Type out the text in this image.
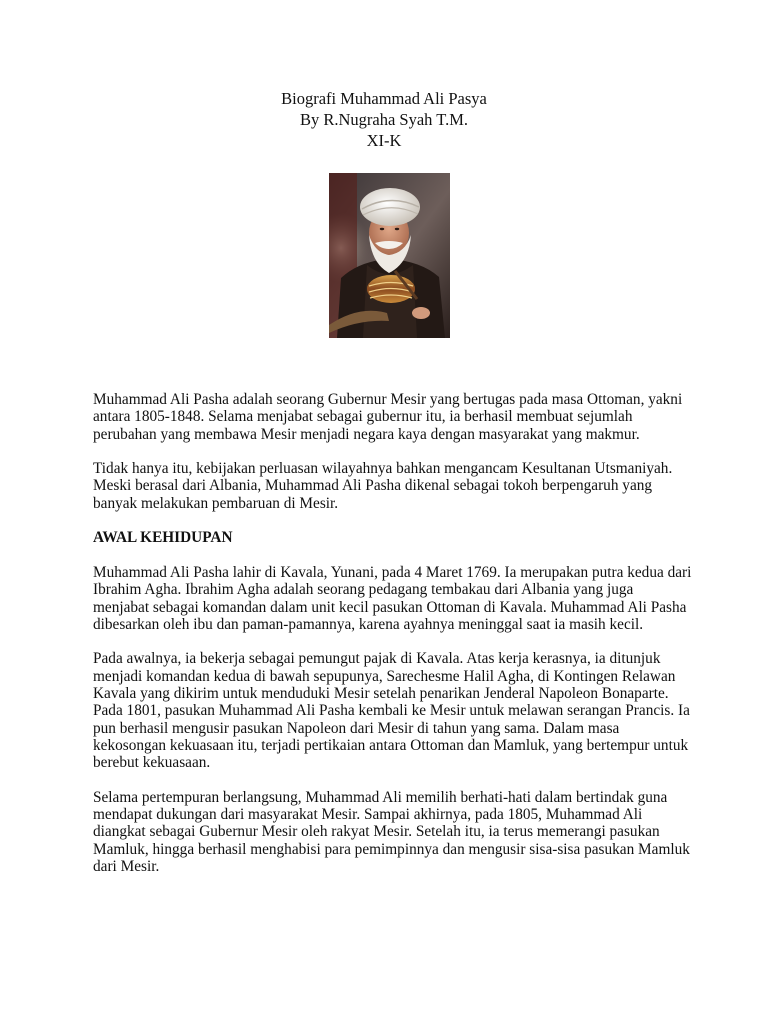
Biografi Muhammad Ali Pasya
By R.Nugraha Syah T.M.
XI-K

Muhammad Ali Pasha adalah seorang Gubernur Mesir yang bertugas pada masa Ottoman, yakni antara 1805-1848. Selama menjabat sebagai gubernur itu, ia berhasil membuat sejumlah perubahan yang membawa Mesir menjadi negara kaya dengan masyarakat yang makmur.

Tidak hanya itu, kebijakan perluasan wilayahnya bahkan mengancam Kesultanan Utsmaniyah. Meski berasal dari Albania, Muhammad Ali Pasha dikenal sebagai tokoh berpengaruh yang banyak melakukan pembaruan di Mesir.

AWAL KEHIDUPAN

Muhammad Ali Pasha lahir di Kavala, Yunani, pada 4 Maret 1769. Ia merupakan putra kedua dari Ibrahim Agha. Ibrahim Agha adalah seorang pedagang tembakau dari Albania yang juga menjabat sebagai komandan dalam unit kecil pasukan Ottoman di Kavala. Muhammad Ali Pasha dibesarkan oleh ibu dan paman-pamannya, karena ayahnya meninggal saat ia masih kecil.

Pada awalnya, ia bekerja sebagai pemungut pajak di Kavala. Atas kerja kerasnya, ia ditunjuk menjadi komandan kedua di bawah sepupunya, Sarechesme Halil Agha, di Kontingen Relawan Kavala yang dikirim untuk menduduki Mesir setelah penarikan Jenderal Napoleon Bonaparte. Pada 1801, pasukan Muhammad Ali Pasha kembali ke Mesir untuk melawan serangan Prancis. Ia pun berhasil mengusir pasukan Napoleon dari Mesir di tahun yang sama. Dalam masa kekosongan kekuasaan itu, terjadi pertikaian antara Ottoman dan Mamluk, yang bertempur untuk berebut kekuasaan.

Selama pertempuran berlangsung, Muhammad Ali memilih berhati-hati dalam bertindak guna mendapat dukungan dari masyarakat Mesir. Sampai akhirnya, pada 1805, Muhammad Ali diangkat sebagai Gubernur Mesir oleh rakyat Mesir. Setelah itu, ia terus memerangi pasukan Mamluk, hingga berhasil menghabisi para pemimpinnya dan mengusir sisa-sisa pasukan Mamluk dari Mesir.
